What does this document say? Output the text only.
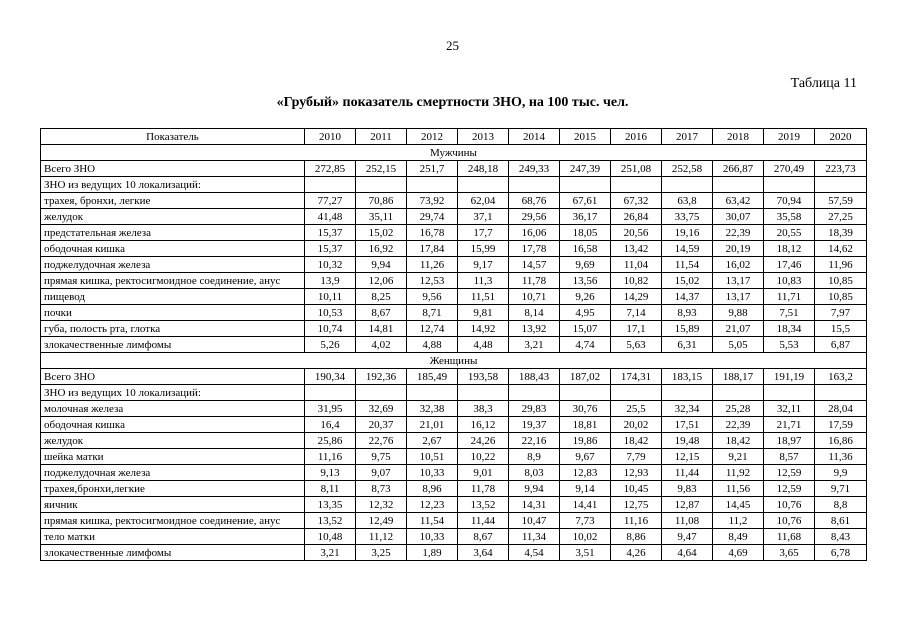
25
Таблица 11
«Грубый» показатель смертности ЗНО, на 100 тыс. чел.
Показатель	2010	2011	2012	2013	2014	2015	2016	2017	2018	2019	2020
Мужчины											
Всего ЗНО	272,85	252,15	251,7	248,18	249,33	247,39	251,08	252,58	266,87	270,49	223,73
ЗНО из ведущих 10 локализаций:											
трахея, бронхи, легкие	77,27	70,86	73,92	62,04	68,76	67,61	67,32	63,8	63,42	70,94	57,59
желудок	41,48	35,11	29,74	37,1	29,56	36,17	26,84	33,75	30,07	35,58	27,25
предстательная железа	15,37	15,02	16,78	17,7	16,06	18,05	20,56	19,16	22,39	20,55	18,39
ободочная кишка	15,37	16,92	17,84	15,99	17,78	16,58	13,42	14,59	20,19	18,12	14,62
поджелудочная железа	10,32	9,94	11,26	9,17	14,57	9,69	11,04	11,54	16,02	17,46	11,96
прямая кишка, ректосигмоидное соединение, анус	13,9	12,06	12,53	11,3	11,78	13,56	10,82	15,02	13,17	10,83	10,85
пищевод	10,11	8,25	9,56	11,51	10,71	9,26	14,29	14,37	13,17	11,71	10,85
почки	10,53	8,67	8,71	9,81	8,14	4,95	7,14	8,93	9,88	7,51	7,97
губа, полость рта, глотка	10,74	14,81	12,74	14,92	13,92	15,07	17,1	15,89	21,07	18,34	15,5
злокачественные лимфомы	5,26	4,02	4,88	4,48	3,21	4,74	5,63	6,31	5,05	5,53	6,87
Женщины											
Всего ЗНО	190,34	192,36	185,49	193,58	188,43	187,02	174,31	183,15	188,17	191,19	163,2
ЗНО из ведущих 10 локализаций:											
молочная железа	31,95	32,69	32,38	38,3	29,83	30,76	25,5	32,34	25,28	32,11	28,04
ободочная кишка	16,4	20,37	21,01	16,12	19,37	18,81	20,02	17,51	22,39	21,71	17,59
желудок	25,86	22,76	2,67	24,26	22,16	19,86	18,42	19,48	18,42	18,97	16,86
шейка матки	11,16	9,75	10,51	10,22	8,9	9,67	7,79	12,15	9,21	8,57	11,36
поджелудочная железа	9,13	9,07	10,33	9,01	8,03	12,83	12,93	11,44	11,92	12,59	9,9
трахея,бронхи,легкие	8,11	8,73	8,96	11,78	9,94	9,14	10,45	9,83	11,56	12,59	9,71
яичник	13,35	12,32	12,23	13,52	14,31	14,41	12,75	12,87	14,45	10,76	8,8
прямая кишка, ректосигмоидное соединение, анус	13,52	12,49	11,54	11,44	10,47	7,73	11,16	11,08	11,2	10,76	8,61
тело матки	10,48	11,12	10,33	8,67	11,34	10,02	8,86	9,47	8,49	11,68	8,43
злокачественные лимфомы	3,21	3,25	1,89	3,64	4,54	3,51	4,26	4,64	4,69	3,65	6,78
